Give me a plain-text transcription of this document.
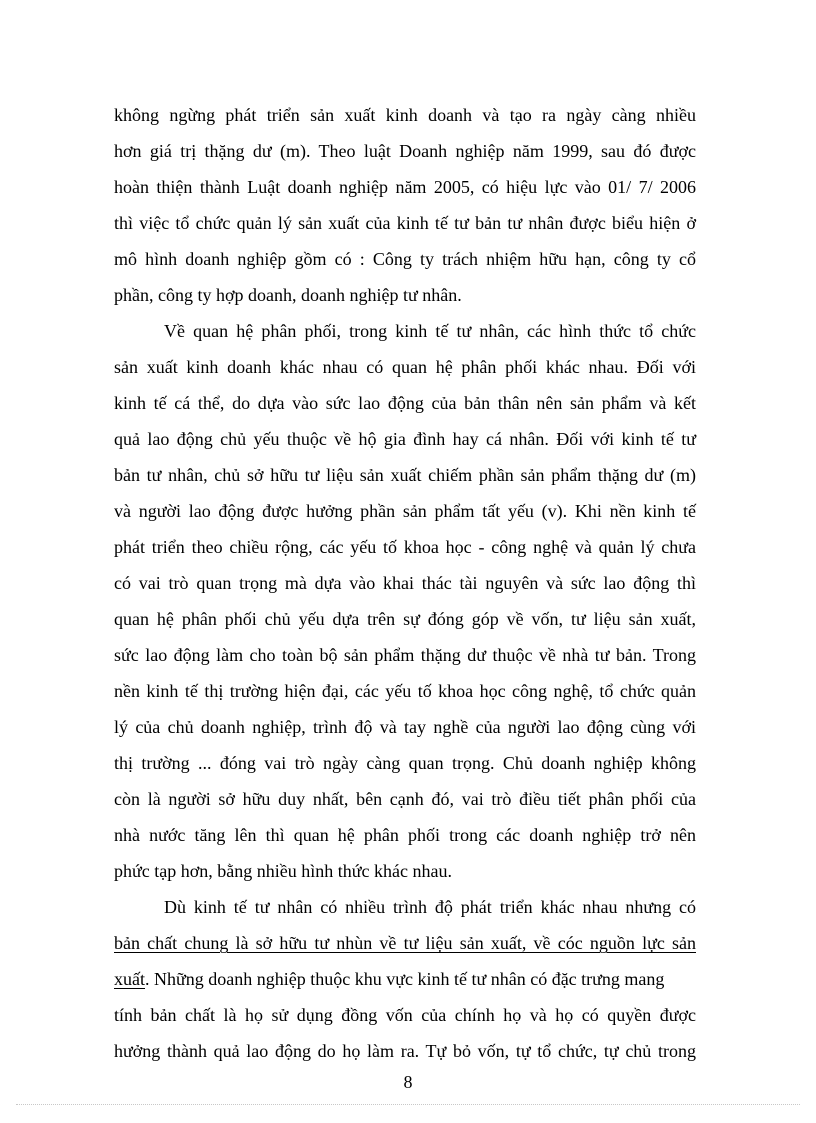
không ngừng phát triển sản xuất kinh doanh và tạo ra ngày càng nhiều
hơn giá trị thặng dư (m). Theo luật Doanh nghiệp năm 1999, sau đó được
hoàn thiện thành Luật doanh nghiệp năm 2005, có hiệu lực vào 01/ 7/ 2006
thì việc tổ chức quản lý sản xuất của kinh tế tư bản tư nhân được biểu hiện ở
mô hình doanh nghiệp gồm có : Công ty trách nhiệm hữu hạn, công ty cổ
phần, công ty hợp doanh, doanh nghiệp tư nhân.
Về quan hệ phân phối, trong kinh tế tư nhân, các hình thức tổ chức
sản xuất kinh doanh khác nhau có quan hệ phân phối khác nhau. Đối với
kinh tế cá thể, do dựa vào sức lao động của bản thân nên sản phẩm và kết
quả lao động chủ yếu thuộc về hộ gia đình hay cá nhân. Đối với kinh tế tư
bản tư nhân, chủ sở hữu tư liệu sản xuất chiếm phần sản phẩm thặng dư (m)
và người lao động được hưởng phần sản phẩm tất yếu (v). Khi nền kinh tế
phát triển theo chiều rộng, các yếu tố khoa học - công nghệ và quản lý chưa
có vai trò quan trọng mà dựa vào khai thác tài nguyên và sức lao động thì
quan hệ phân phối chủ yếu dựa trên sự đóng góp về vốn, tư liệu sản xuất,
sức lao động làm cho toàn bộ sản phẩm thặng dư thuộc về nhà tư bản. Trong
nền kinh tế thị trường hiện đại, các yếu tố khoa học công nghệ, tổ chức quản
lý của chủ doanh nghiệp, trình độ và tay nghề của người lao động cùng với
thị trường ... đóng vai trò ngày càng quan trọng. Chủ doanh nghiệp không
còn là người sở hữu duy nhất, bên cạnh đó, vai trò điều tiết phân phối của
nhà nước tăng lên thì quan hệ phân phối trong các doanh nghiệp trở nên
phức tạp hơn, bằng nhiều hình thức khác nhau.
Dù kinh tế tư nhân có nhiều trình độ phát triển khác nhau nhưng có
bản chất chung là sở hữu tư nhùn về tư liệu sản xuất, về cóc nguồn lực sản
xuất. Những doanh nghiệp thuộc khu vực kinh tế tư nhân có đặc trưng mang
tính bản chất là họ sử dụng đồng vốn của chính họ và họ có quyền được
hưởng thành quả lao động do họ làm ra. Tự bỏ vốn, tự tổ chức, tự chủ trong
8
